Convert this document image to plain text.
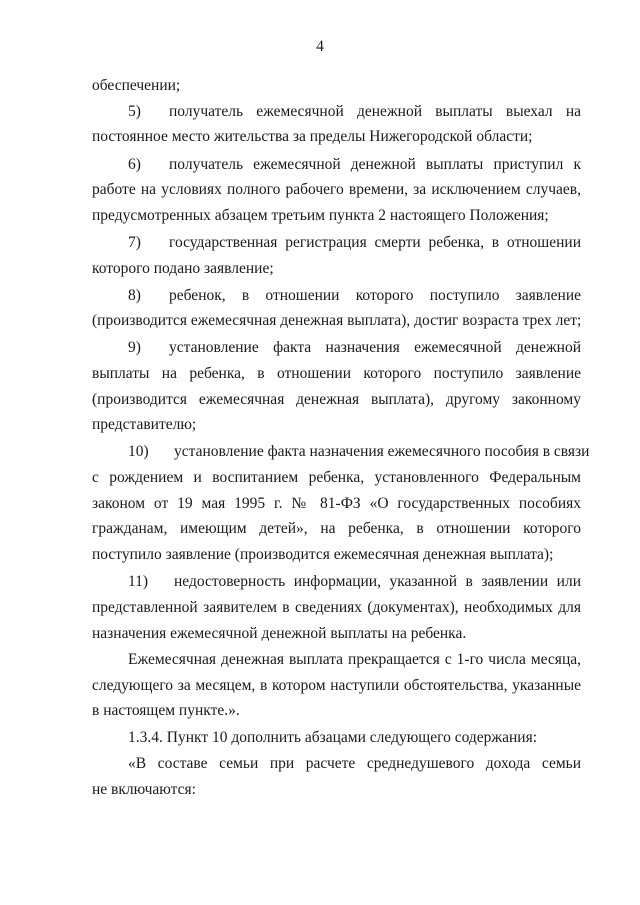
4
обеспечении;
5) получатель ежемесячной денежной выплаты выехал на
постоянное место жительства за пределы Нижегородской области;
6) получатель ежемесячной денежной выплаты приступил к
работе на условиях полного рабочего времени, за исключением случаев,
предусмотренных абзацем третьим пункта 2 настоящего Положения;
7) государственная регистрация смерти ребенка, в отношении
которого подано заявление;
8) ребенок, в отношении которого поступило заявление
(производится ежемесячная денежная выплата), достиг возраста трех лет;
9) установление факта назначения ежемесячной денежной
выплаты на ребенка, в отношении которого поступило заявление
(производится ежемесячная денежная выплата), другому законному
представителю;
10) установление факта назначения ежемесячного пособия в связи
с рождением и воспитанием ребенка, установленного Федеральным
законом от 19 мая 1995 г. № 81-ФЗ «О государственных пособиях
гражданам, имеющим детей», на ребенка, в отношении которого
поступило заявление (производится ежемесячная денежная выплата);
11) недостоверность информации, указанной в заявлении или
представленной заявителем в сведениях (документах), необходимых для
назначения ежемесячной денежной выплаты на ребенка.
Ежемесячная денежная выплата прекращается с 1-го числа месяца,
следующего за месяцем, в котором наступили обстоятельства, указанные
в настоящем пункте.».
1.3.4. Пункт 10 дополнить абзацами следующего содержания:
«В составе семьи при расчете среднедушевого дохода семьи
не включаются:
